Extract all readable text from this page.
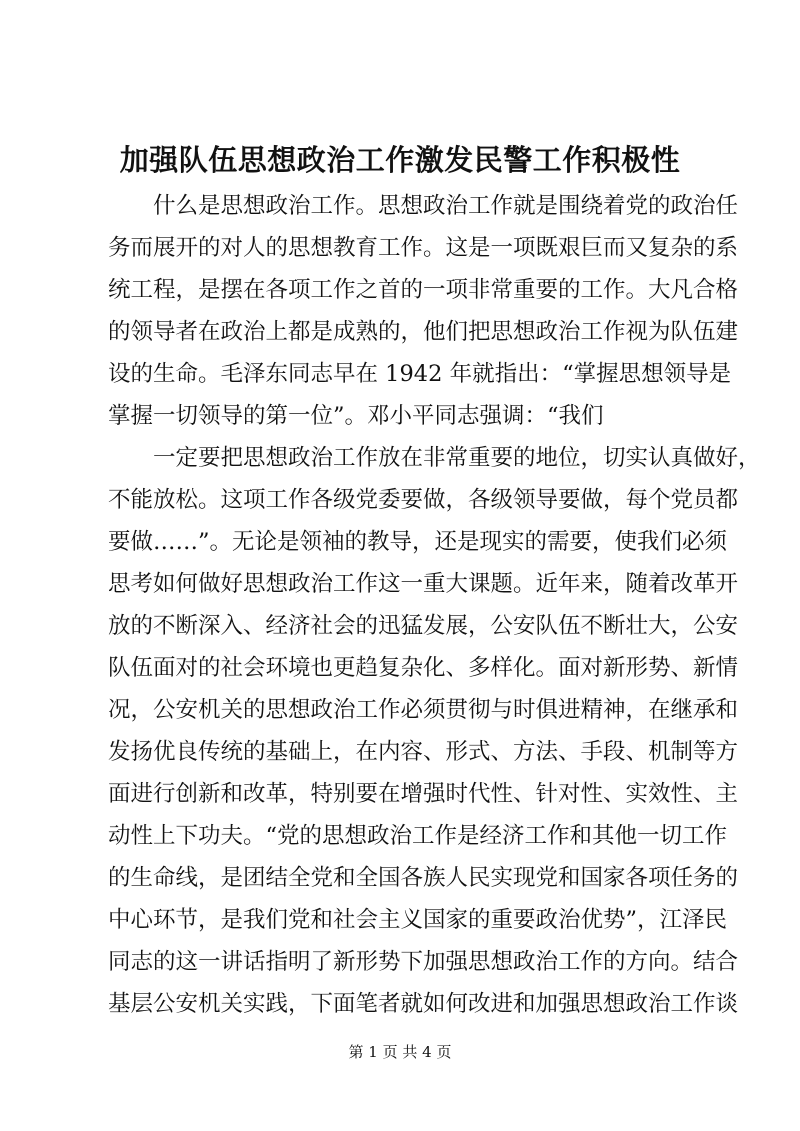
加强队伍思想政治工作激发民警工作积极性
什么是思想政治工作。思想政治工作就是围绕着党的政治任
务而展开的对人的思想教育工作。这是一项既艰巨而又复杂的系
统工程，是摆在各项工作之首的一项非常重要的工作。大凡合格
的领导者在政治上都是成熟的，他们把思想政治工作视为队伍建
设的生命。毛泽东同志早在 1942 年就指出：“掌握思想领导是
掌握一切领导的第一位”。邓小平同志强调：“我们
一定要把思想政治工作放在非常重要的地位，切实认真做好，
不能放松。这项工作各级党委要做，各级领导要做，每个党员都
要做……”。无论是领袖的教导，还是现实的需要，使我们必须
思考如何做好思想政治工作这一重大课题。近年来，随着改革开
放的不断深入、经济社会的迅猛发展，公安队伍不断壮大，公安
队伍面对的社会环境也更趋复杂化、多样化。面对新形势、新情
况，公安机关的思想政治工作必须贯彻与时俱进精神，在继承和
发扬优良传统的基础上，在内容、形式、方法、手段、机制等方
面进行创新和改革，特别要在增强时代性、针对性、实效性、主
动性上下功夫。“党的思想政治工作是经济工作和其他一切工作
的生命线，是团结全党和全国各族人民实现党和国家各项任务的
中心环节，是我们党和社会主义国家的重要政治优势”，江泽民
同志的这一讲话指明了新形势下加强思想政治工作的方向。结合
基层公安机关实践，下面笔者就如何改进和加强思想政治工作谈
第 1 页 共 4 页
